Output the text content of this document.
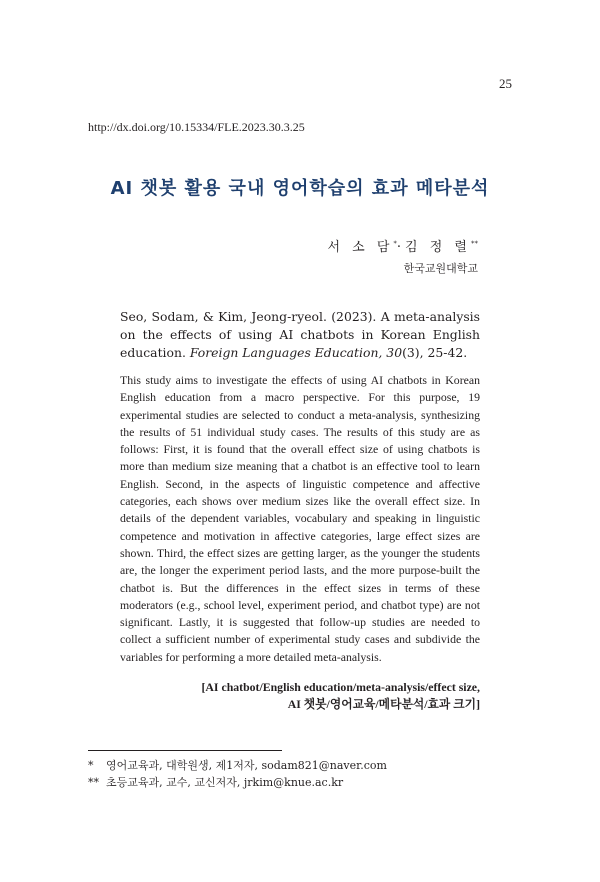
25
http://dx.doi.org/10.15334/FLE.2023.30.3.25
AI 챗봇 활용 국내 영어학습의 효과 메타분석
서 소 담*·김 정 렬**
한국교원대학교
Seo, Sodam, & Kim, Jeong-ryeol. (2023). A meta-analysis on the effects of using AI chatbots in Korean English education. Foreign Languages Education, 30(3), 25-42.
This study aims to investigate the effects of using AI chatbots in Korean English education from a macro perspective. For this purpose, 19 experimental studies are selected to conduct a meta-analysis, synthesizing the results of 51 individual study cases. The results of this study are as follows: First, it is found that the overall effect size of using chatbots is more than medium size meaning that a chatbot is an effective tool to learn English. Second, in the aspects of linguistic competence and affective categories, each shows over medium sizes like the overall effect size. In details of the dependent variables, vocabulary and speaking in linguistic competence and motivation in affective categories, large effect sizes are shown. Third, the effect sizes are getting larger, as the younger the students are, the longer the experiment period lasts, and the more purpose-built the chatbot is. But the differences in the effect sizes in terms of these moderators (e.g., school level, experiment period, and chatbot type) are not significant. Lastly, it is suggested that follow-up studies are needed to collect a sufficient number of experimental study cases and subdivide the variables for performing a more detailed meta-analysis.
[AI chatbot/English education/meta-analysis/effect size,
AI 챗봇/영어교육/메타분석/효과 크기]
* 영어교육과, 대학원생, 제1저자, sodam821@naver.com
** 초등교육과, 교수, 교신저자, jrkim@knue.ac.kr
